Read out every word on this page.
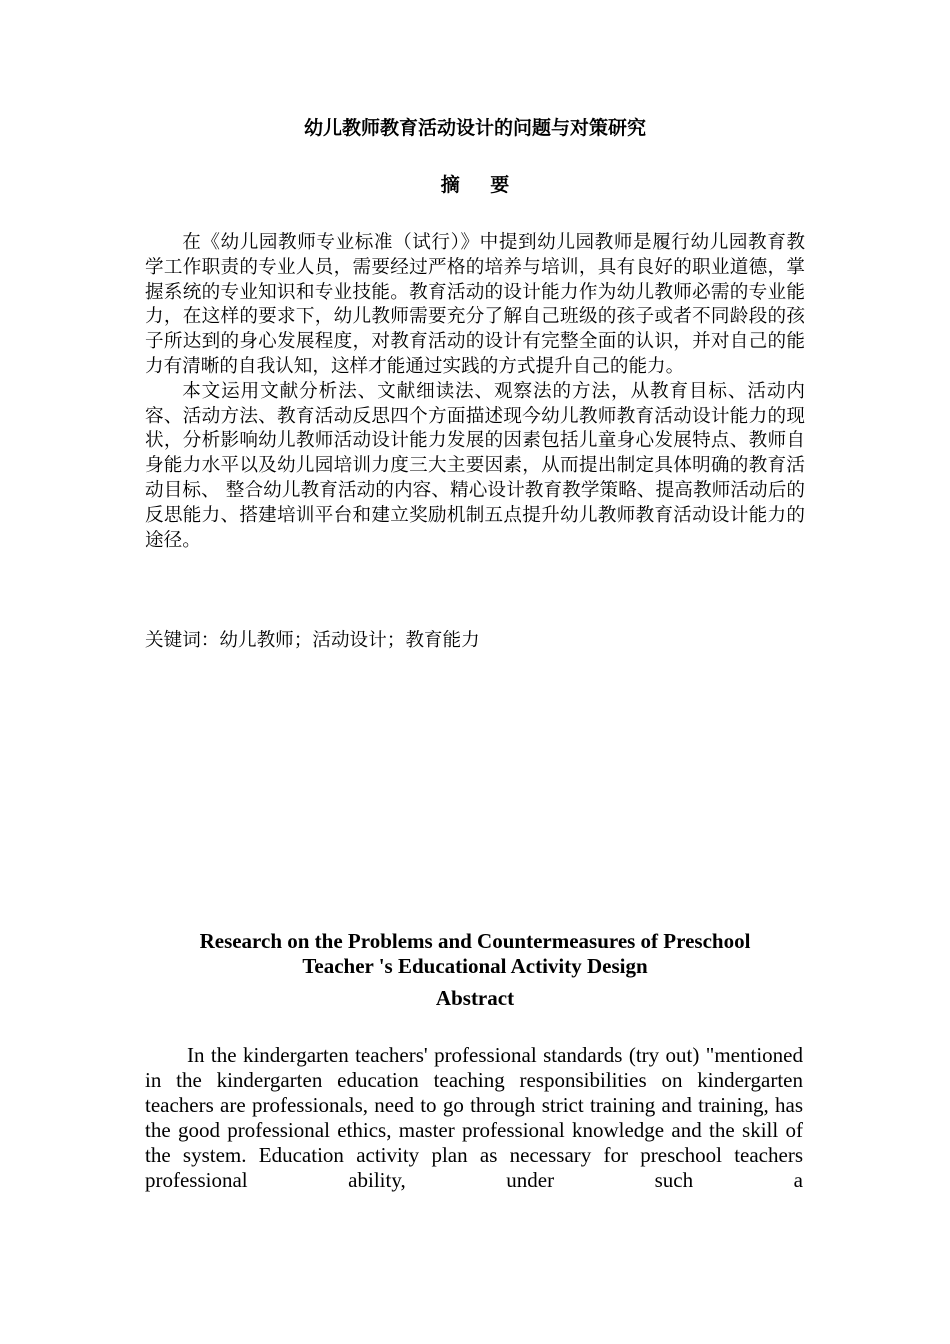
幼儿教师教育活动设计的问题与对策研究
摘 要

在《幼儿园教师专业标准（试行）》中提到幼儿园教师是履行幼儿园教育教学工作职责的专业人员，需要经过严格的培养与培训，具有良好的职业道德，掌握系统的专业知识和专业技能。教育活动的设计能力作为幼儿教师必需的专业能力，在这样的要求下，幼儿教师需要充分了解自己班级的孩子或者不同龄段的孩子所达到的身心发展程度，对教育活动的设计有完整全面的认识，并对自己的能力有清晰的自我认知，这样才能通过实践的方式提升自己的能力。

本文运用文献分析法、文献细读法、观察法的方法，从教育目标、活动内容、活动方法、教育活动反思四个方面描述现今幼儿教师教育活动设计能力的现状，分析影响幼儿教师活动设计能力发展的因素包括儿童身心发展特点、教师自身能力水平以及幼儿园培训力度三大主要因素，从而提出制定具体明确的教育活动目标、 整合幼儿教育活动的内容、精心设计教育教学策略、提高教师活动后的反思能力、搭建培训平台和建立奖励机制五点提升幼儿教师教育活动设计能力的途径。

关键词：幼儿教师；活动设计；教育能力
Research on the Problems and Countermeasures of Preschool
Teacher 's Educational Activity Design
Abstract

In the kindergarten teachers' professional standards (try out) "mentioned in the kindergarten education teaching responsibilities on kindergarten teachers are professionals, need to go through strict training and training, has the good professional ethics, master professional knowledge and the skill of the system. Education activity plan as necessary for preschool teachers professional ability, under such a
